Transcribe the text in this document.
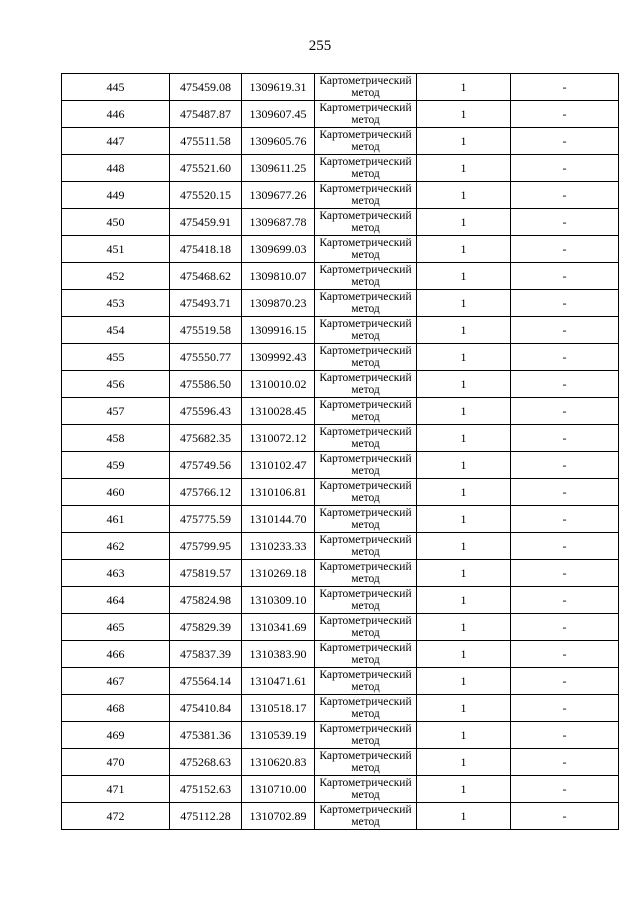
255
445	475459.08	1309619.31	Картометрический метод	1	-
446	475487.87	1309607.45	Картометрический метод	1	-
447	475511.58	1309605.76	Картометрический метод	1	-
448	475521.60	1309611.25	Картометрический метод	1	-
449	475520.15	1309677.26	Картометрический метод	1	-
450	475459.91	1309687.78	Картометрический метод	1	-
451	475418.18	1309699.03	Картометрический метод	1	-
452	475468.62	1309810.07	Картометрический метод	1	-
453	475493.71	1309870.23	Картометрический метод	1	-
454	475519.58	1309916.15	Картометрический метод	1	-
455	475550.77	1309992.43	Картометрический метод	1	-
456	475586.50	1310010.02	Картометрический метод	1	-
457	475596.43	1310028.45	Картометрический метод	1	-
458	475682.35	1310072.12	Картометрический метод	1	-
459	475749.56	1310102.47	Картометрический метод	1	-
460	475766.12	1310106.81	Картометрический метод	1	-
461	475775.59	1310144.70	Картометрический метод	1	-
462	475799.95	1310233.33	Картометрический метод	1	-
463	475819.57	1310269.18	Картометрический метод	1	-
464	475824.98	1310309.10	Картометрический метод	1	-
465	475829.39	1310341.69	Картометрический метод	1	-
466	475837.39	1310383.90	Картометрический метод	1	-
467	475564.14	1310471.61	Картометрический метод	1	-
468	475410.84	1310518.17	Картометрический метод	1	-
469	475381.36	1310539.19	Картометрический метод	1	-
470	475268.63	1310620.83	Картометрический метод	1	-
471	475152.63	1310710.00	Картометрический метод	1	-
472	475112.28	1310702.89	Картометрический метод	1	-
